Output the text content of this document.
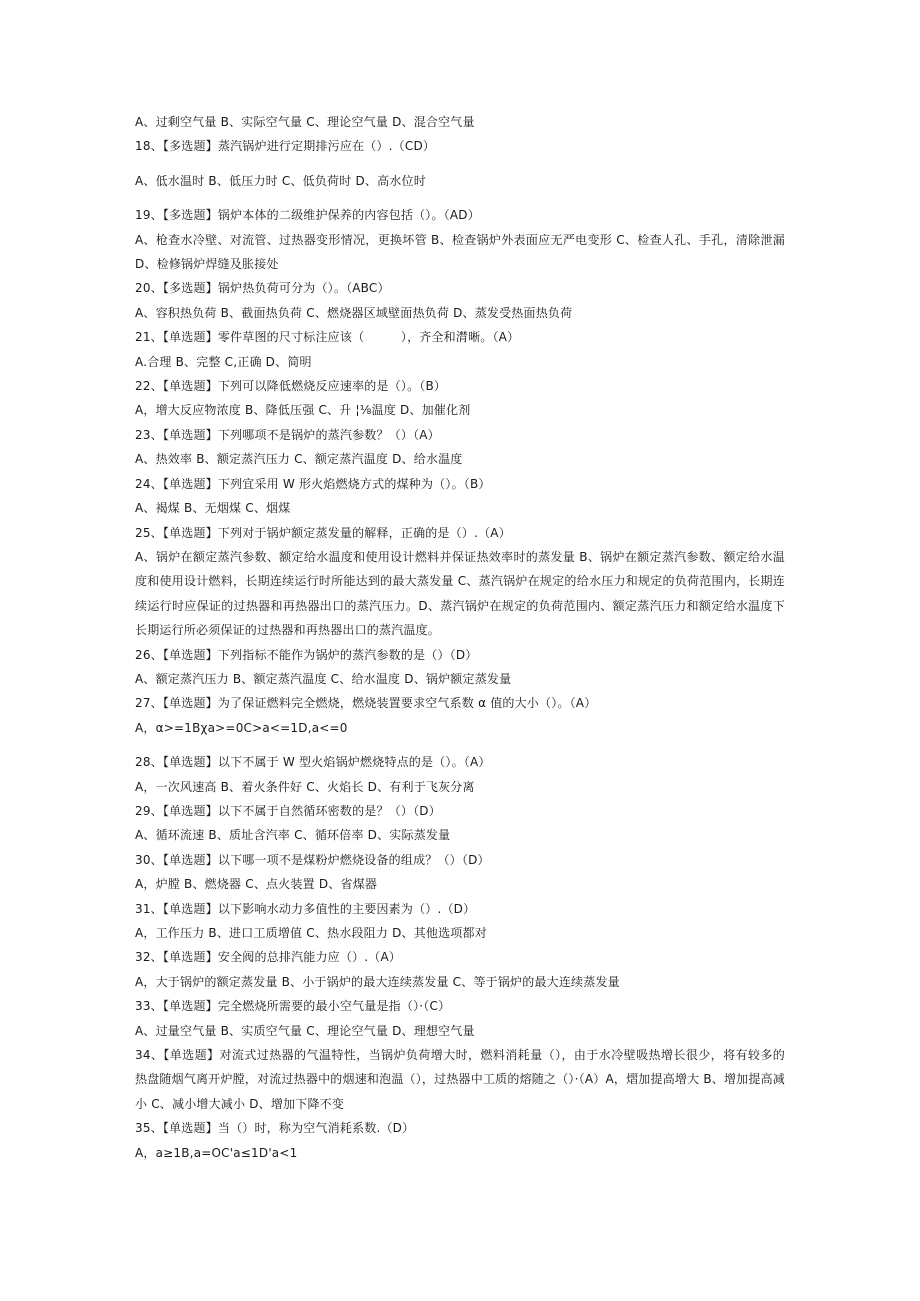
A、过剩空气量 B、实际空气量 C、理论空气量 D、混合空气量
18、【多选题】蒸汽锅炉进行定期排污应在（）.（CD）
A、低水温时 B、低压力时 C、低负荷时 D、高水位时
19、【多选题】锅炉本体的二级维护保养的内容包括（）。（AD）
A、枪查水冷壁、对流管、过热器变形情况，更换坏管 B、检查锅炉外表面应无严电变形 C、检查人孔、手孔，清除泄漏 D、检修锅炉焊缝及胀接处
20、【多选题】锅炉热负荷可分为（）。（ABC）
A、容积热负荷 B、截面热负荷 C、燃烧器区域壁面热负荷 D、蒸发受热面热负荷
21、【单选题】零件草图的尺寸标注应该（　　　），齐全和潸晰。（A）
A.合理 B、完整 C,正确 D、简明
22、【单选题】下列可以降低燃烧反应速率的是（）。（B）
A，增大反应物浓度 B、降低压强 C、升 ¦⅛温度 D、加催化剂
23、【单选题】下列哪项不是锅炉的蒸汽参数？（）（A）
A、热效率 B、额定蒸汽压力 C、额定蒸汽温度 D、给水温度
24、【单选题】下列宜采用 W 形火焰燃烧方式的煤种为（）。（B）
A、褐煤 B、无烟煤 C、烟煤
25、【单选题】下列对于锅炉额定蒸发量的解释，正确的是（）.（A）
A、锅炉在额定蒸汽参数、额定给水温度和使用设计燃料并保证热效率时的蒸发量 B、锅炉在额定蒸汽参数、额定给水温度和使用设计燃料，长期连续运行时所能达到的最大蒸发量 C、蒸汽锅炉在规定的给水压力和规定的负荷范围内，长期连续运行时应保证的过热器和再热器出口的蒸汽压力。D、蒸汽锅炉在规定的负荷范围内、额定蒸汽压力和额定给水温度下长期运行所必须保证的过热器和再热器出口的蒸汽温度。
26、【单选题】下列指标不能作为锅炉的蒸汽参数的是（）（D）
A、额定蒸汽压力 B、额定蒸汽温度 C、给水温度 D、锅炉额定蒸发量
27、【单选题】为了保证燃料完全燃烧，燃烧装置要求空气系数 α 值的大小（）。（A）
A，α>=1Bχa>=0C>a<=1D,a<=0
28、【单选题】以下不属于 W 型火焰锅炉燃烧特点的是（）。（A）
A，一次风速高 B、着火条件好 C、火焰长 D、有利于飞灰分离
29、【单选题】以下不属于自然循环密数的是？（）（D）
A、循环流速 B、质址含汽率 C、循环倍率 D、实际蒸发量
30、【单选题】以下哪一项不是煤粉炉燃烧设备的组成？（）（D）
A，炉膛 B、燃烧器 C、点火装置 D、省煤器
31、【单选题】以下影响水动力多值性的主要因素为（）.（D）
A，工作压力 B、进口工质增值 C、热水段阻力 D、其他选项都对
32、【单选题】安全阀的总排汽能力应（）.（A）
A，大于锅炉的额定蒸发量 B、小于锅炉的最大连续蒸发量 C、等于锅炉的最大连续蒸发量
33、【单选题】完全燃烧所需要的最小空气量是指（）·（C）
A、过量空气量 B、实质空气量 C、理论空气量 D、理想空气量
34、【单选题】对流式过热器的气温特性，当锅炉负荷增大时，燃料消耗量（），由于水冷壁吸热增长很少，将有较多的热盘随烟气离开炉膛，对流过热器中的烟速和泡温（），过热器中工质的熔随之（）·（A）A，熠加提高增大 B、增加提高减小 C、减小增大减小 D、增加下降不变
35、【单选题】当（）时，称为空气消耗系数.（D）
A，a≥1B,a=OC'a≤1D'a<1
